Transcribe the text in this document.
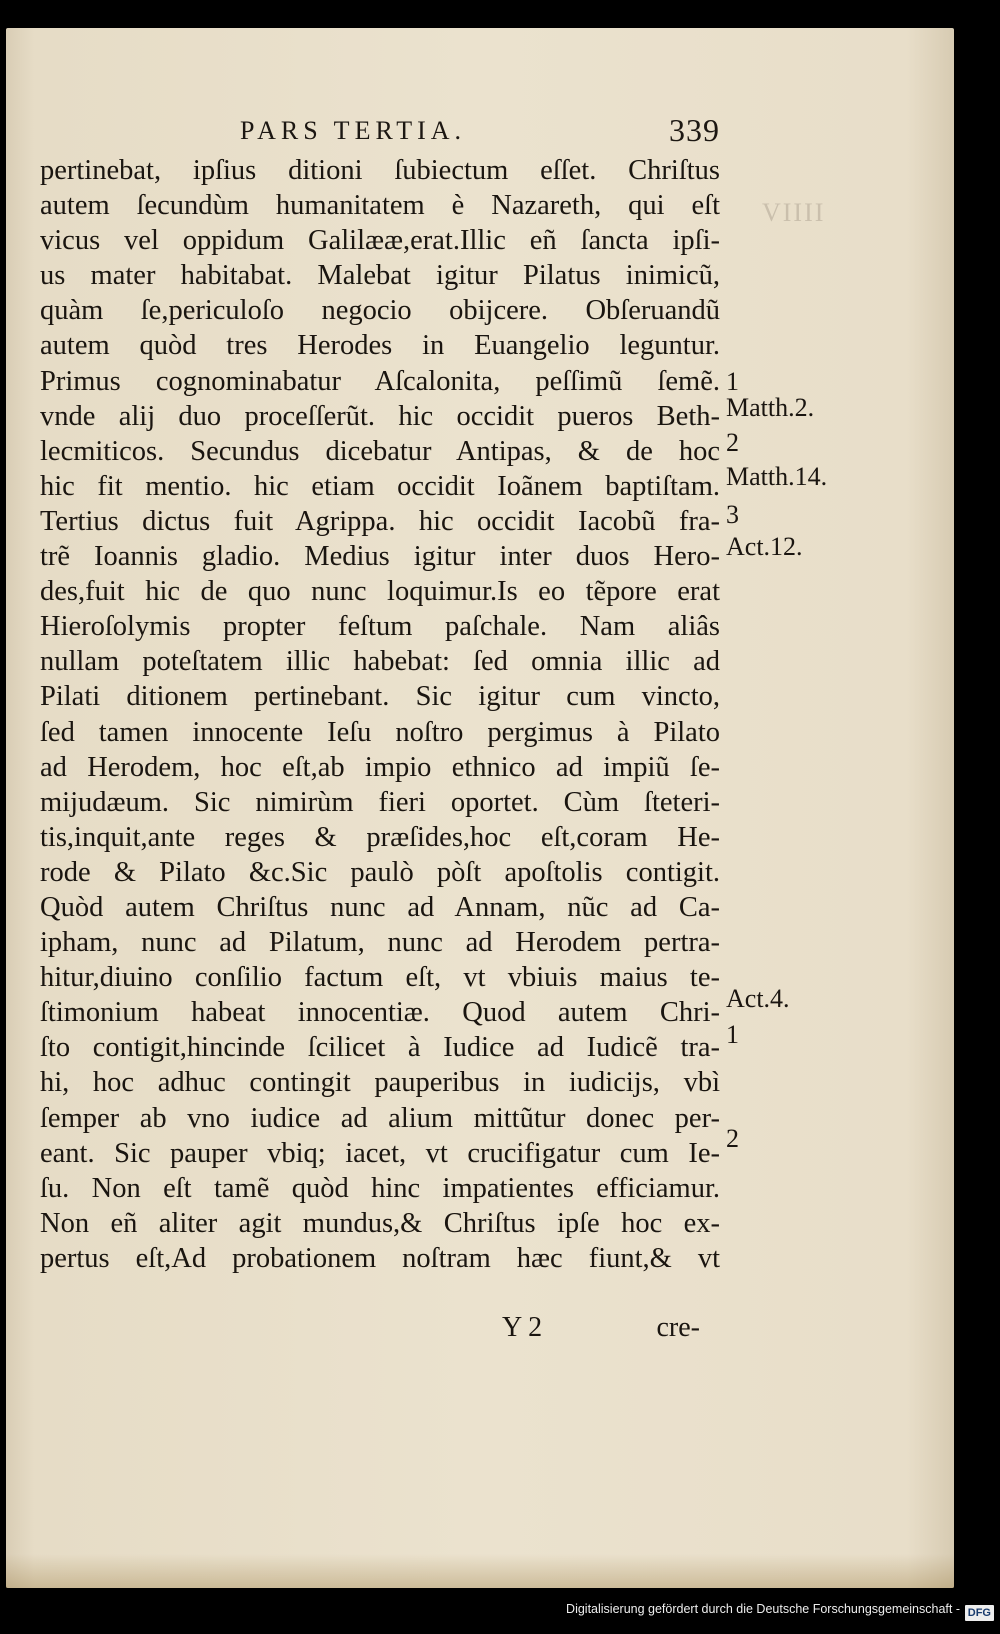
PARS TERTIA.	339
VIIII
pertinebat, ipſius ditioni ſubiectum eſſet. Chriſtus
autem ſecundùm humanitatem è Nazareth, qui eſt
vicus vel oppidum Galilææ,erat.Illic eñ ſancta ipſi-
us mater habitabat. Malebat igitur Pilatus inimicũ,
quàm ſe,periculoſo negocio obijcere. Obſeruandũ
autem quòd tres Herodes in Euangelio leguntur.
Primus cognominabatur Aſcalonita, peſſimũ ſemẽ.
vnde alij duo proceſſerũt. hic occidit pueros Beth-
lecmiticos. Secundus dicebatur Antipas, & de hoc
hic fit mentio. hic etiam occidit Ioãnem baptiſtam.
Tertius dictus fuit Agrippa. hic occidit Iacobũ fra-
trẽ Ioannis gladio. Medius igitur inter duos Hero-
des,fuit hic de quo nunc loquimur.Is eo tẽpore erat
Hieroſolymis propter feſtum paſchale. Nam aliâs
nullam poteſtatem illic habebat: ſed omnia illic ad
Pilati ditionem pertinebant. Sic igitur cum vincto,
ſed tamen innocente Ieſu noſtro pergimus à Pilato
ad Herodem, hoc eſt,ab impio ethnico ad impiũ ſe-
mijudæum. Sic nimirùm fieri oportet. Cùm ſteteri-
tis,inquit,ante reges & præſides,hoc eſt,coram He-
rode & Pilato &c.Sic paulò pòſt apoſtolis contigit.
Quòd autem Chriſtus nunc ad Annam, nũc ad Ca-
ipham, nunc ad Pilatum, nunc ad Herodem pertra-
hitur,diuino conſilio factum eſt, vt vbiuis maius te-
ſtimonium habeat innocentiæ. Quod autem Chri-
ſto contigit,hincinde ſcilicet à Iudice ad Iudicẽ tra-
hi, hoc adhuc contingit pauperibus in iudicijs, vbì
ſemper ab vno iudice ad alium mittũtur donec per-
eant. Sic pauper vbiq; iacet, vt crucifigatur cum Ie-
ſu. Non eſt tamẽ quòd hinc impatientes efficiamur.
Non eñ aliter agit mundus,& Chriſtus ipſe hoc ex-
pertus eſt,Ad probationem noſtram hæc fiunt,& vt
Y 2	cre-
1
Matth.2.
2
Matth.14.
3
Act.12.
Act.4.
1
2
Digitalisierung gefördert durch die Deutsche Forschungsgemeinschaft - DFG
